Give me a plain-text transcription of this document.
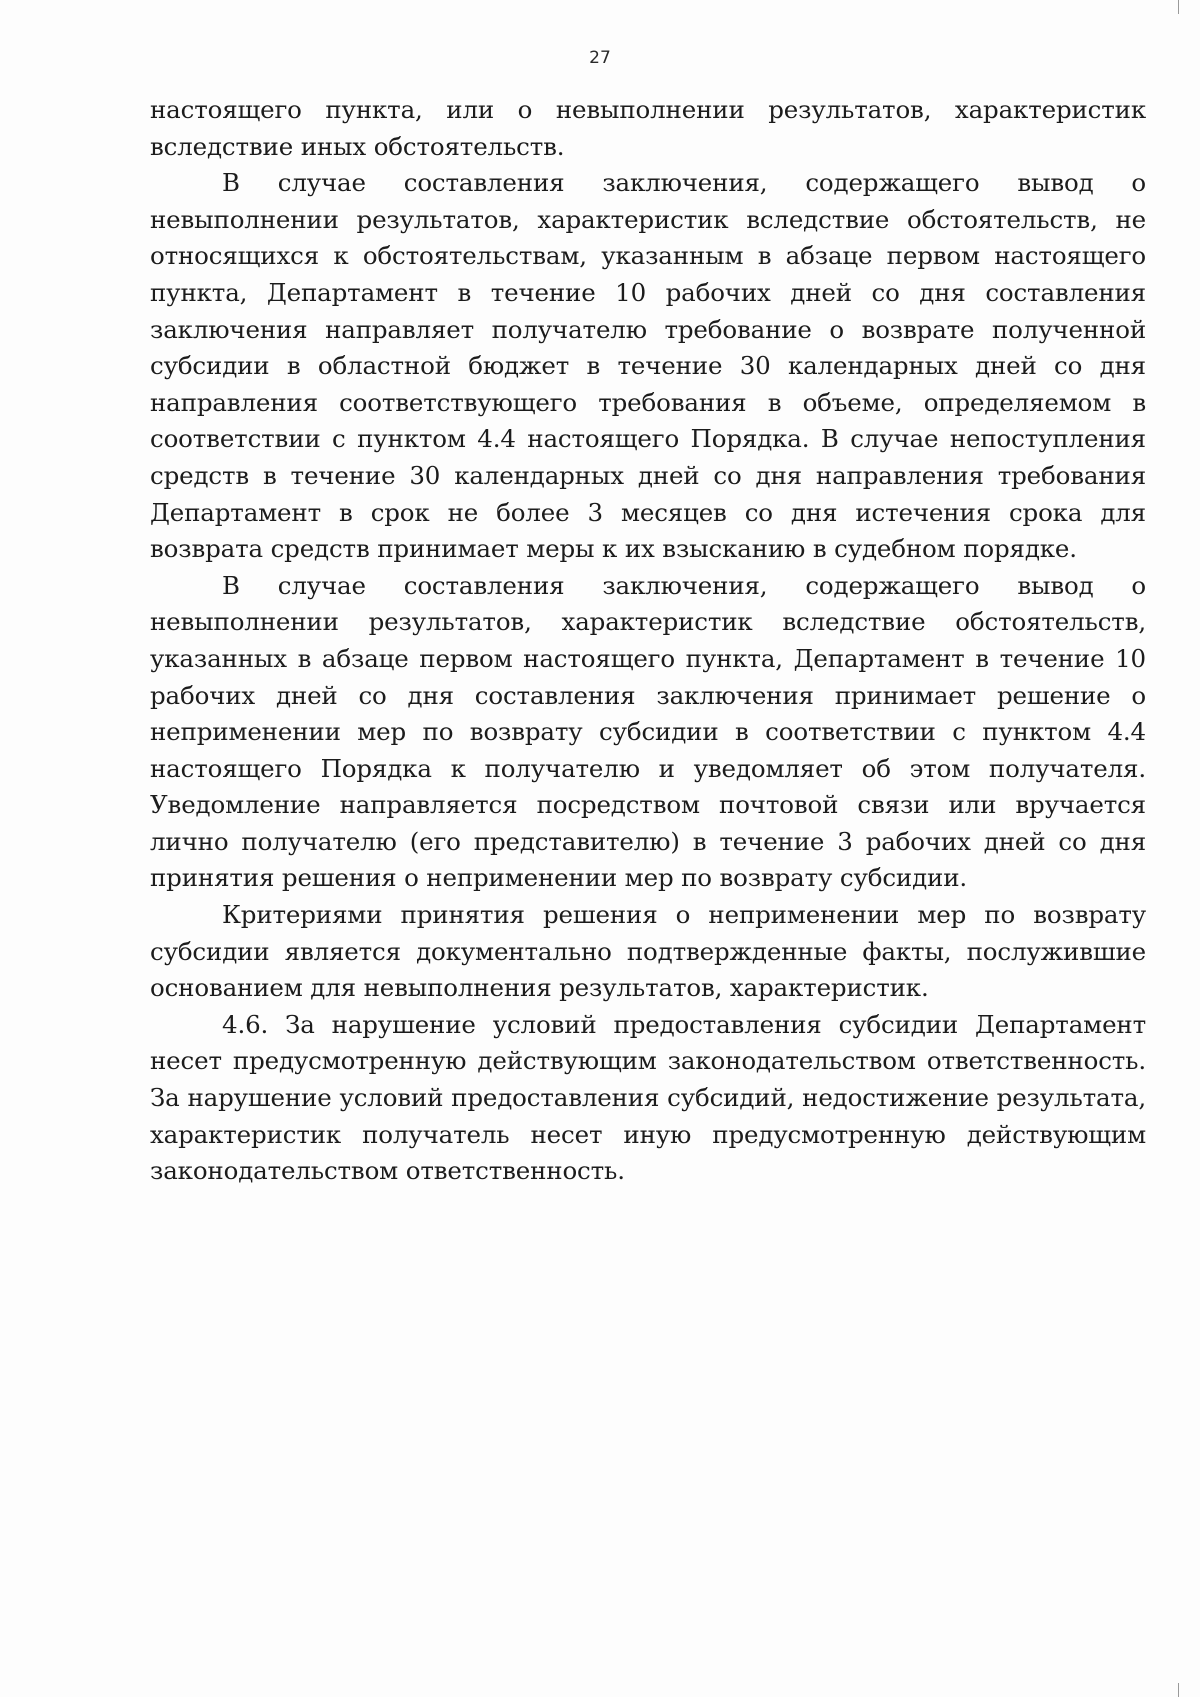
27

настоящего пункта, или о невыполнении результатов, характеристик вследствие иных обстоятельств.

В случае составления заключения, содержащего вывод о невыполнении результатов, характеристик вследствие обстоятельств, не относящихся к обстоятельствам, указанным в абзаце первом настоящего пункта, Департамент в течение 10 рабочих дней со дня составления заключения направляет получателю требование о возврате полученной субсидии в областной бюджет в течение 30 календарных дней со дня направления соответствующего требования в объеме, определяемом в соответствии с пунктом 4.4 настоящего Порядка. В случае непоступления средств в течение 30 календарных дней со дня направления требования Департамент в срок не более 3 месяцев со дня истечения срока для возврата средств принимает меры к их взысканию в судебном порядке.

В случае составления заключения, содержащего вывод о невыполнении результатов, характеристик вследствие обстоятельств, указанных в абзаце первом настоящего пункта, Департамент в течение 10 рабочих дней со дня составления заключения принимает решение о неприменении мер по возврату субсидии в соответствии с пунктом 4.4 настоящего Порядка к получателю и уведомляет об этом получателя. Уведомление направляется посредством почтовой связи или вручается лично получателю (его представителю) в течение 3 рабочих дней со дня принятия решения о неприменении мер по возврату субсидии.

Критериями принятия решения о неприменении мер по возврату субсидии является документально подтвержденные факты, послужившие основанием для невыполнения результатов, характеристик.

4.6. За нарушение условий предоставления субсидии Департамент несет предусмотренную действующим законодательством ответственность. За нарушение условий предоставления субсидий, недостижение результата, характеристик получатель несет иную предусмотренную действующим законодательством ответственность.
